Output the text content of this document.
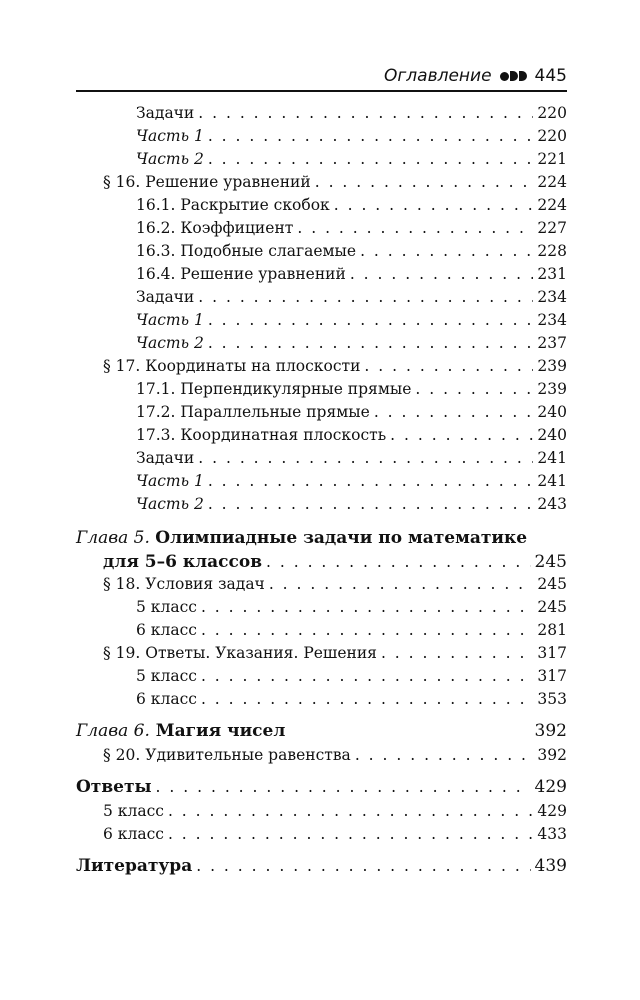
Оглавление	445
Задачи . . .	220
Часть 1 . . .	220
Часть 2 . . .	221
§ 16. Решение уравнений . . .	224
16.1. Раскрытие скобок . . .	224
16.2. Коэффициент . . .	227
16.3. Подобные слагаемые . . .	228
16.4. Решение уравнений . . .	231
Задачи . . .	234
Часть 1 . . .	234
Часть 2 . . .	237
§ 17. Координаты на плоскости . . .	239
17.1. Перпендикулярные прямые . . .	239
17.2. Параллельные прямые . . .	240
17.3. Координатная плоскость . . .	240
Задачи . . .	241
Часть 1 . . .	241
Часть 2 . . .	243
Глава 5. Олимпиадные задачи по математике
для 5–6 классов . . .	245
§ 18. Условия задач . . .	245
5 класс . . .	245
6 класс . . .	281
§ 19. Ответы. Указания. Решения . . .	317
5 класс . . .	317
6 класс . . .	353
Глава 6. Магия чисел	392
§ 20. Удивительные равенства . . .	392
Ответы . . .	429
5 класс . . .	429
6 класс . . .	433
Литература . . .	439
